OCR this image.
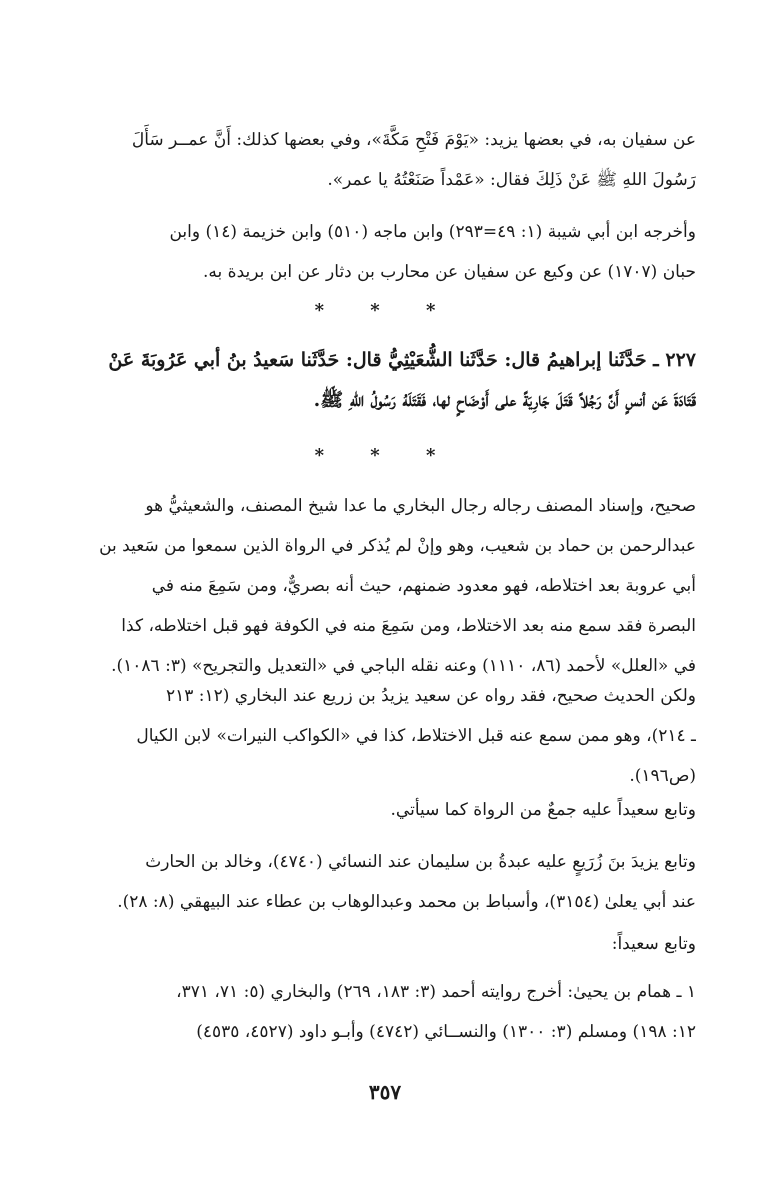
عن سفيان به، في بعضها يزيد: «يَوْمَ فَتْحِ مَكَّةَ»، وفي بعضها كذلك: أَنَّ عمــر سَأَلَ
رَسُولَ اللهِ ﷺ عَنْ ذَلِكَ فقال: «عَمْداً صَنَعْتُهُ يا عمر».
وأخرجه ابن أبي شيبة (١: ٤٩=٢٩٣) وابن ماجه (٥١٠) وابن خزيمة (١٤) وابن
حبان (١٧٠٧) عن وكيع عن سفيان عن محارب بن دثار عن ابن بريدة به.
* * *
٢٢٧ ـ حَدَّثَنا إبراهيمُ قال: حَدَّثَنا الشُّعَيْثِيُّ قال: حَدَّثَنا سَعيدُ بنُ أبي عَرُوبَةَ عَنْ
قَتَادَةَ عَن أنسٍ أَنَّ رَجُلاً قَتَلَ جَارِيَةً على أَوْضَاحٍ لها، فَقَتَلَهُ رَسُولُ اللهِ ﷺ.
* * *
صحيح، وإسناد المصنف رجاله رجال البخاري ما عدا شيخ المصنف، والشعيثيُّ هو
عبدالرحمن بن حماد بن شعيب، وهو وإنْ لم يُذكر في الرواة الذين سمعوا من سَعيد بن
أبي عروبة بعد اختلاطه، فهو معدود ضمنهم، حيث أنه بصريٌّ، ومن سَمِعَ منه في
البصرة فقد سمع منه بعد الاختلاط، ومن سَمِعَ منه في الكوفة فهو قبل اختلاطه، كذا
في «العلل» لأحمد (٨٦، ١١١٠) وعنه نقله الباجي في «التعديل والتجريح» (٣: ١٠٨٦).
ولكن الحديث صحيح، فقد رواه عن سعيد يزيدُ بن زريع عند البخاري (١٢: ٢١٣
ـ ٢١٤)، وهو ممن سمع عنه قبل الاختلاط، كذا في «الكواكب النيرات» لابن الكيال
(ص١٩٦).
وتابع سعيداً عليه جمعٌ من الرواة كما سيأتي.
وتابع يزيدَ بنَ زُرَيعٍ عليه عبدةُ بن سليمان عند النسائي (٤٧٤٠)، وخالد بن الحارث
عند أبي يعلىٰ (٣١٥٤)، وأسباط بن محمد وعبدالوهاب بن عطاء عند البيهقي (٨: ٢٨).
وتابع سعيداً:
١ ـ همام بن يحيىٰ: أخرج روايته أحمد (٣: ١٨٣، ٢٦٩) والبخاري (٥: ٧١، ٣٧١،
١٢: ١٩٨) ومسلم (٣: ١٣٠٠) والنســائي (٤٧٤٢) وأبـو داود (٤٥٢٧، ٤٥٣٥)
٣٥٧
